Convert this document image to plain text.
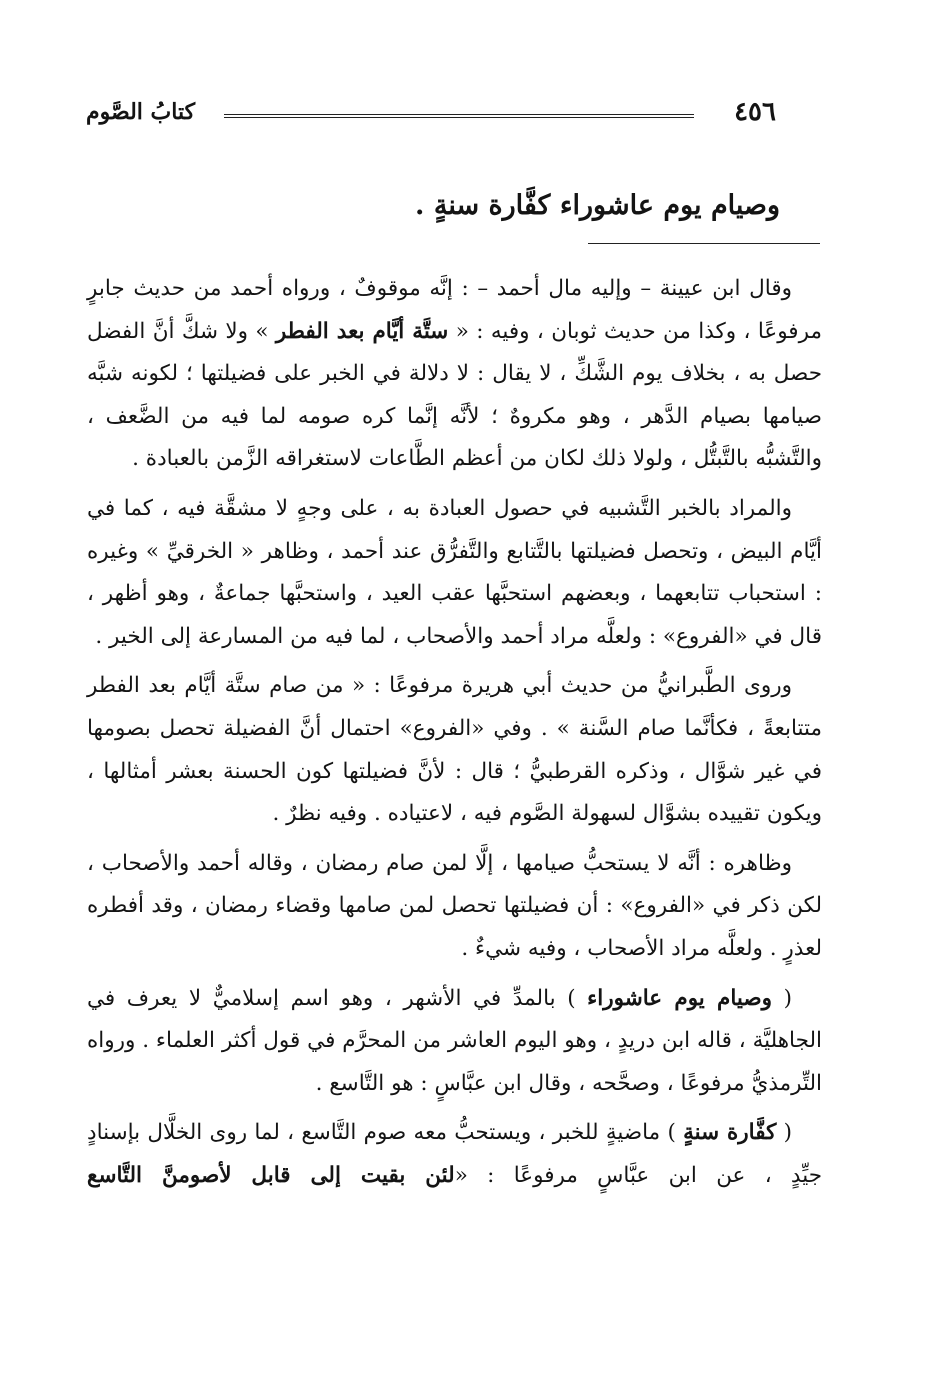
٤٥٦
كتابُ الصَّوم
وصيام يوم عاشوراء كفَّارة سنةٍ .

وقال ابن عيينة – وإليه مال أحمد – : إنَّه موقوفٌ ، ورواه أحمد من حديث جابرٍ مرفوعًا ، وكذا من حديث ثوبان ، وفيه : « ستَّة أيَّام بعد الفطر » ولا شكَّ أنَّ الفضل حصل به ، بخلاف يوم الشَّكِّ ، لا يقال : لا دلالة في الخبر على فضيلتها ؛ لكونه شبَّه صيامها بصيام الدَّهر ، وهو مكروهٌ ؛ لأنَّه إنَّما كره صومه لما فيه من الضَّعف ، والتَّشبُّه بالتَّبتُّل ، ولولا ذلك لكان من أعظم الطَّاعات لاستغراقه الزَّمن بالعبادة .

والمراد بالخبر التَّشبيه في حصول العبادة به ، على وجهٍ لا مشقَّة فيه ، كما في أيَّام البيض ، وتحصل فضيلتها بالتَّتابع والتَّفرُّق عند أحمد ، وظاهر « الخرقيِّ » وغيره : استحباب تتابعهما ، وبعضهم استحبَّها عقب العيد ، واستحبَّها جماعةٌ ، وهو أظهر ، قال في «الفروع» : ولعلَّه مراد أحمد والأصحاب ، لما فيه من المسارعة إلى الخير .

وروى الطَّبرانيُّ من حديث أبي هريرة مرفوعًا : « من صام ستَّة أيَّام بعد الفطر متتابعةً ، فكأنَّما صام السَّنة » . وفي «الفروع» احتمال أنَّ الفضيلة تحصل بصومها في غير شوَّال ، وذكره القرطبيُّ ؛ قال : لأنَّ فضيلتها كون الحسنة بعشر أمثالها ، ويكون تقييده بشوَّال لسهولة الصَّوم فيه ، لاعتياده . وفيه نظرٌ .

وظاهره : أنَّه لا يستحبُّ صيامها ، إلَّا لمن صام رمضان ، وقاله أحمد والأصحاب ، لكن ذكر في «الفروع» : أن فضيلتها تحصل لمن صامها وقضاء رمضان ، وقد أفطره لعذرٍ . ولعلَّه مراد الأصحاب ، وفيه شيءٌ .

( وصيام يوم عاشوراء ) بالمدِّ في الأشهر ، وهو اسم إسلاميٌّ لا يعرف في الجاهليَّة ، قاله ابن دريدٍ ، وهو اليوم العاشر من المحرَّم في قول أكثر العلماء . ورواه التِّرمذيُّ مرفوعًا ، وصحَّحه ، وقال ابن عبَّاسٍ : هو التَّاسع .

( كفَّارة سنةٍ ) ماضيةٍ للخبر ، ويستحبُّ معه صوم التَّاسع ، لما روى الخلَّال بإسنادٍ جيِّدٍ ، عن ابن عبَّاسٍ مرفوعًا : «لئن بقيت إلى قابل لأصومنَّ التَّاسع
